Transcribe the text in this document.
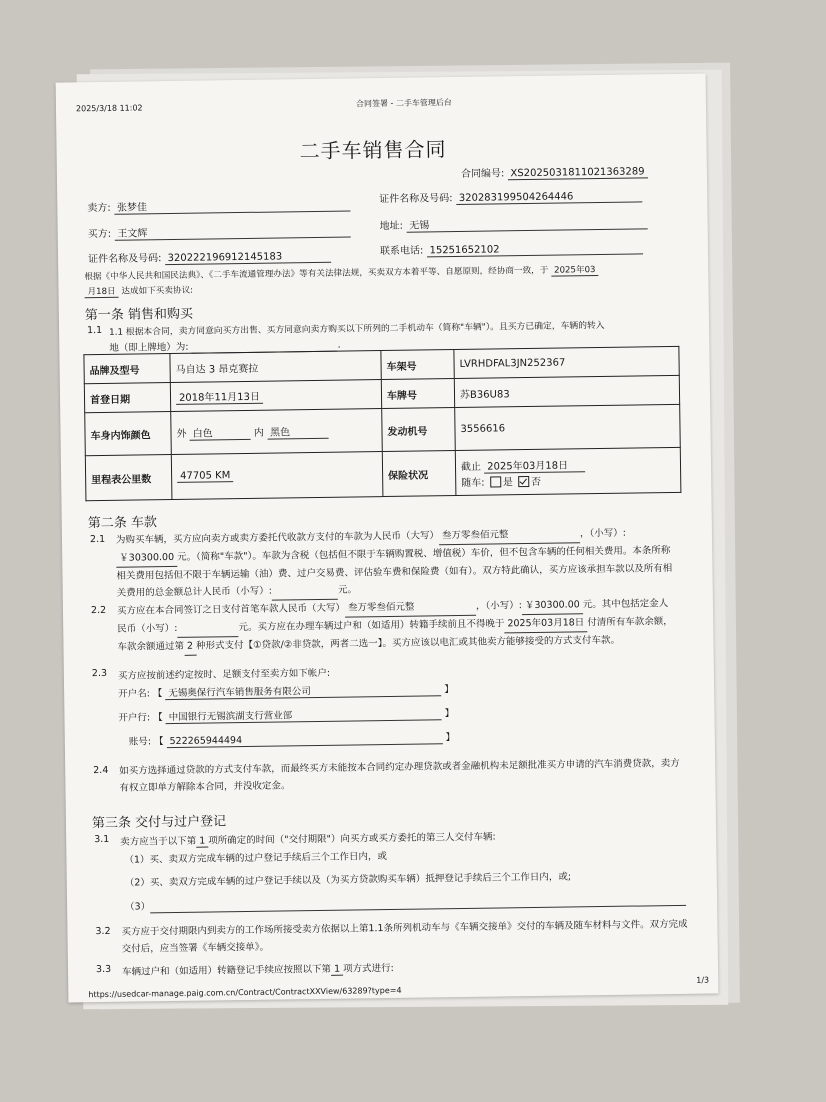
2025/3/18 11:02	合同签署 - 二手车管理后台
二手车销售合同
合同编号: XS20250318110213632​89
卖方: 张梦佳
证件名称及号码: 320283199504264446
买方: 王文辉
地址: 无锡
证件名称及号码: 320222196912145183
联系电话: 15251652102
根据《中华人民共和国民法典》、《二手车流通管理办法》等有关法律法规，买卖双方本着平等、自愿原则，经协商一致，于 2025年03
月18日 达成如下买卖协议:
第一条 销售和购买
1.1 1.1 根据本合同，卖方同意向买方出售、买方同意向卖方购买以下所列的二手机动车（简称"车辆"）。且买方已确定，车辆的转入
地（即上牌地）为:	.
品牌及型号	马自达 3 昂克赛拉	车架号	LVRHDFAL3JN252367
首登日期	2018年11月13日	车牌号	苏B36U83
车身内饰颜色	外 白色 内 黑色	发动机号	3556616
里程表公里数	47705 KM	保险状况	截止 2025年03月18日
随车: 是 否
第二条 车款
2.1 为购买车辆，买方应向卖方或卖方委托代收款方支付的车款为人民币（大写） 叁万零叁佰元整	，（小写）: ￥30300.00 元。（简称"车款"）。车款为含税（包括但不限于车辆购置税、增值税）车价，但不包含车辆的任何相关费用。本条所称相关费用包括但不限于车辆运输（油）费、过户交易费、评估验车费和保险费（如有）。双方特此确认，买方应该承担车款以及所有相关费用的总金额总计人民币（小写）:	元。
2.2 买方应在本合同签订之日支付首笔车款人民币（大写） 叁万零叁佰元整	，（小写）: ￥30300.00 元。其中包括定金人民币（小写）:	元。买方应在办理车辆过户和（如适用）转籍手续前且不得晚于 2025年03月18日 付清所有车款余额，车款余额通过第 2 种形式支付【①贷款/②非贷款，两者二选一】。买方应该以电汇或其他卖方能够接受的方式支付车款。
2.3 买方应按前述约定按时、足额支付至卖方如下帐户:
开户名: 【 无锡奥保行汽车销售服务有限公司	】
开户行: 【 中国银行无锡滨湖支行营业部	】
账号: 【 522265944494	】
2.4 如买方选择通过贷款的方式支付车款，而最终买方未能按本合同约定办理贷款或者金融机构未足额批准买方申请的汽车消费贷款，卖方有权立即单方解除本合同，并没收定金。
第三条 交付与过户登记
3.1 卖方应当于以下第 1 项所确定的时间（"交付期限"）向买方或买方委托的第三人交付车辆:
（1）买、卖双方完成车辆的过户登记手续后三个工作日内，或
（2）买、卖双方完成车辆的过户登记手续以及（为买方贷款购买车辆）抵押登记手续后三个工作日内，或;
（3）
3.2 买方应于交付期限内到卖方的工作场所接受卖方依据以上第1.1条所列机动车与《车辆交接单》交付的车辆及随车材料与文件。双方完成交付后，应当签署《车辆交接单》。
3.3 车辆过户和（如适用）转籍登记手续应按照以下第 1 项方式进行:
https://usedcar-manage.paig.com.cn/Contract/ContractXXView/63289?type=4
1/3
